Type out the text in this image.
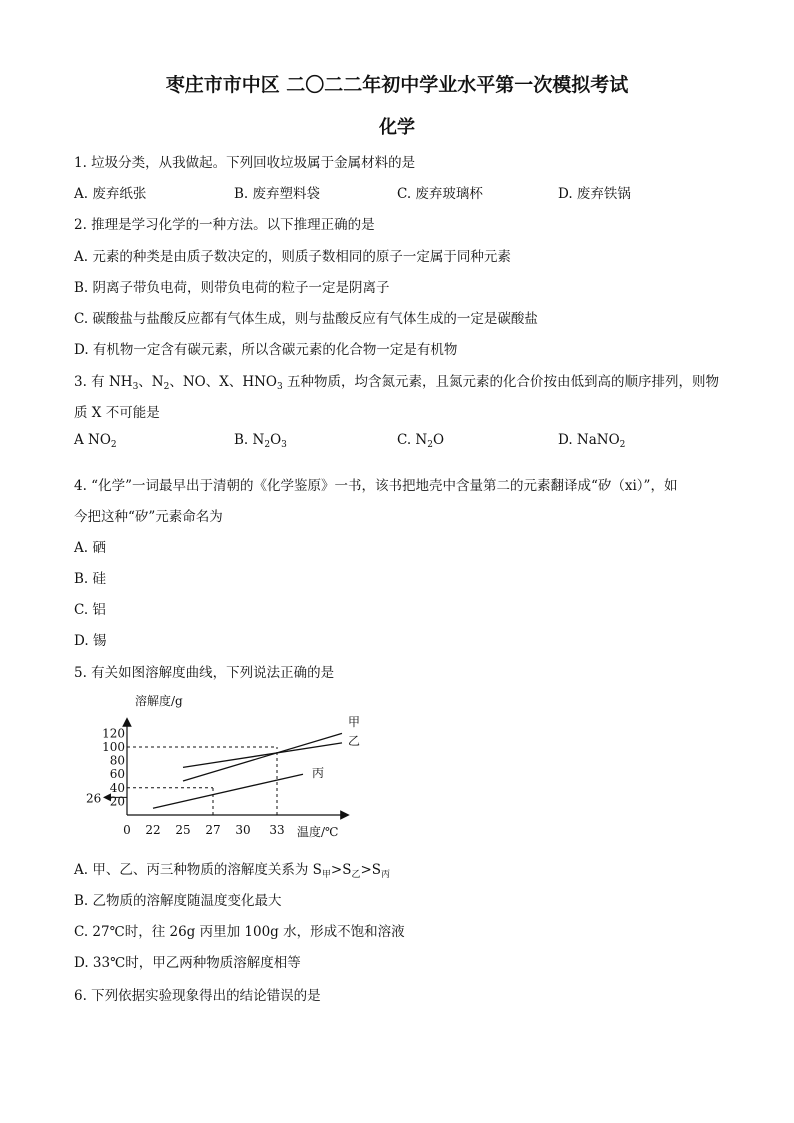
枣庄市市中区 二〇二二年初中学业水平第一次模拟考试
化学
1. 垃圾分类，从我做起。下列回收垃圾属于金属材料的是
A. 废弃纸张	B. 废弃塑料袋	C. 废弃玻璃杯	D. 废弃铁锅
2. 推理是学习化学的一种方法。以下推理正确的是
A. 元素的种类是由质子数决定的，则质子数相同的原子一定属于同种元素
B. 阴离子带负电荷，则带负电荷的粒子一定是阴离子
C. 碳酸盐与盐酸反应都有气体生成，则与盐酸反应有气体生成的一定是碳酸盐
D. 有机物一定含有碳元素，所以含碳元素的化合物一定是有机物
3. 有 $NH_3$、$N_2$、NO、X、$HNO_3$ 五种物质，均含氮元素，且氮元素的化合价按由低到高的顺序排列，则物
质 X 不可能是
A $NO_2$	B. $N_2O_3$	C. $N_2O$	D. NaNO$_2$
4. “化学”一词最早出于清朝的《化学鉴原》一书，该书把地壳中含量第二的元素翻译成“矽（xi）”，如
今把这种“矽”元素命名为
A. 硒
B. 硅
C. 铝
D. 锡
5. 有关如图溶解度曲线，下列说法正确的是
溶解度/g
温度/℃
20
40
60
80
100
120
0 22 25 27 30 33
26
甲
乙
丙
A. 甲、乙、丙三种物质的溶解度关系为 $S_甲>S_乙>S_丙$
B. 乙物质的溶解度随温度变化最大
C. 27℃时，往 26g 丙里加 100g 水，形成不饱和溶液
D. 33℃时，甲乙两种物质溶解度相等
6. 下列依据实验现象得出的结论错误的是
